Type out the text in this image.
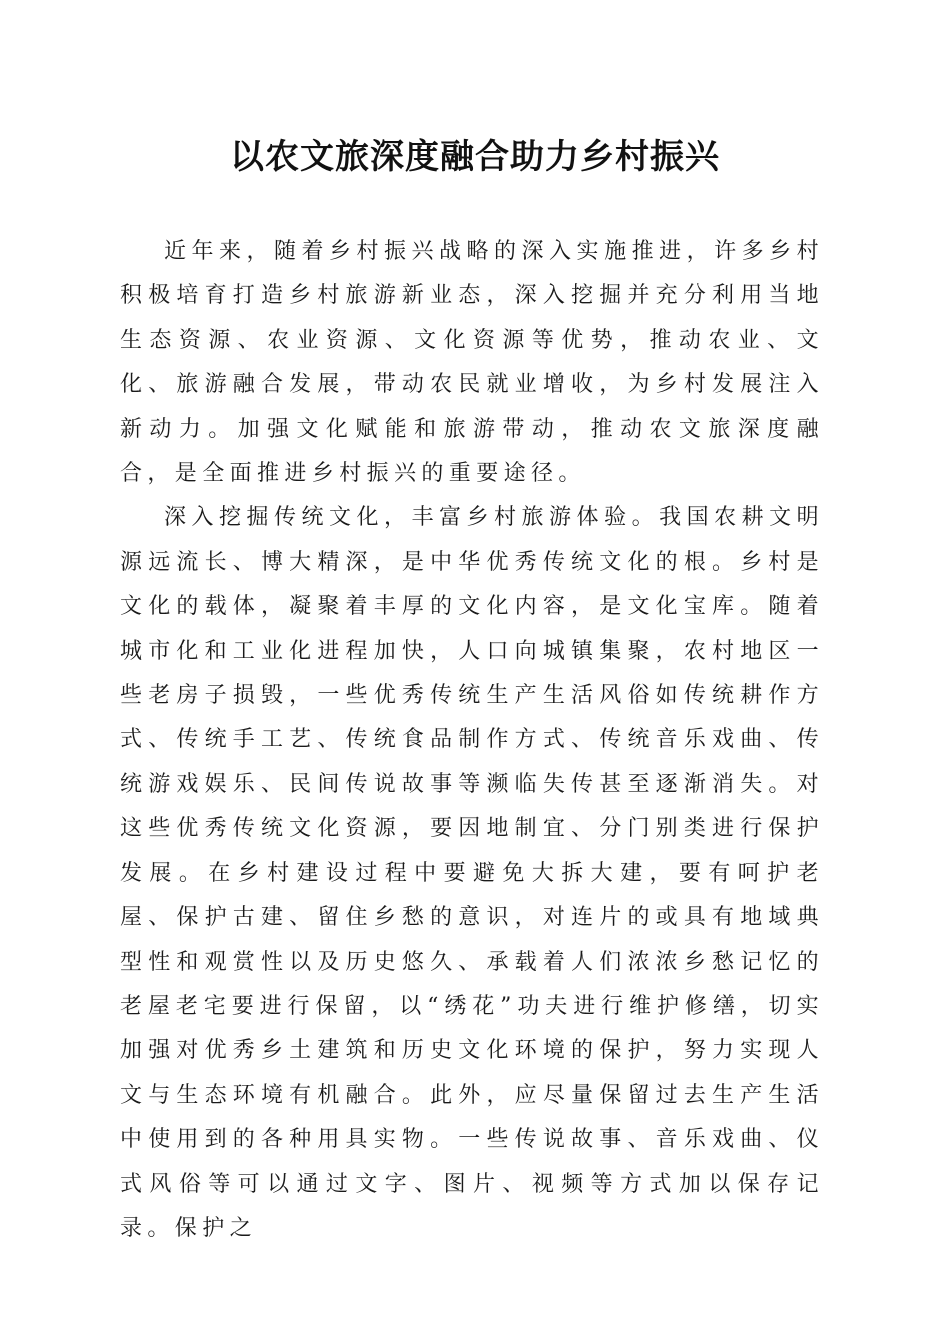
以农文旅深度融合助力乡村振兴

近年来，随着乡村振兴战略的深入实施推进，许多乡村积极培育打造乡村旅游新业态，深入挖掘并充分利用当地生态资源、农业资源、文化资源等优势，推动农业、文化、旅游融合发展，带动农民就业增收，为乡村发展注入新动力。加强文化赋能和旅游带动，推动农文旅深度融合，是全面推进乡村振兴的重要途径。

深入挖掘传统文化，丰富乡村旅游体验。我国农耕文明源远流长、博大精深，是中华优秀传统文化的根。乡村是文化的载体，凝聚着丰厚的文化内容，是文化宝库。随着城市化和工业化进程加快，人口向城镇集聚，农村地区一些老房子损毁，一些优秀传统生产生活风俗如传统耕作方式、传统手工艺、传统食品制作方式、传统音乐戏曲、传统游戏娱乐、民间传说故事等濒临失传甚至逐渐消失。对这些优秀传统文化资源，要因地制宜、分门别类进行保护发展。在乡村建设过程中要避免大拆大建，要有呵护老屋、保护古建、留住乡愁的意识，对连片的或具有地域典型性和观赏性以及历史悠久、承载着人们浓浓乡愁记忆的老屋老宅要进行保留，以“绣花”功夫进行维护修缮，切实加强对优秀乡土建筑和历史文化环境的保护，努力实现人文与生态环境有机融合。此外，应尽量保留过去生产生活中使用到的各种用具实物。一些传说故事、音乐戏曲、仪式风俗等可以通过文字、图片、视频等方式加以保存记录。保护之
